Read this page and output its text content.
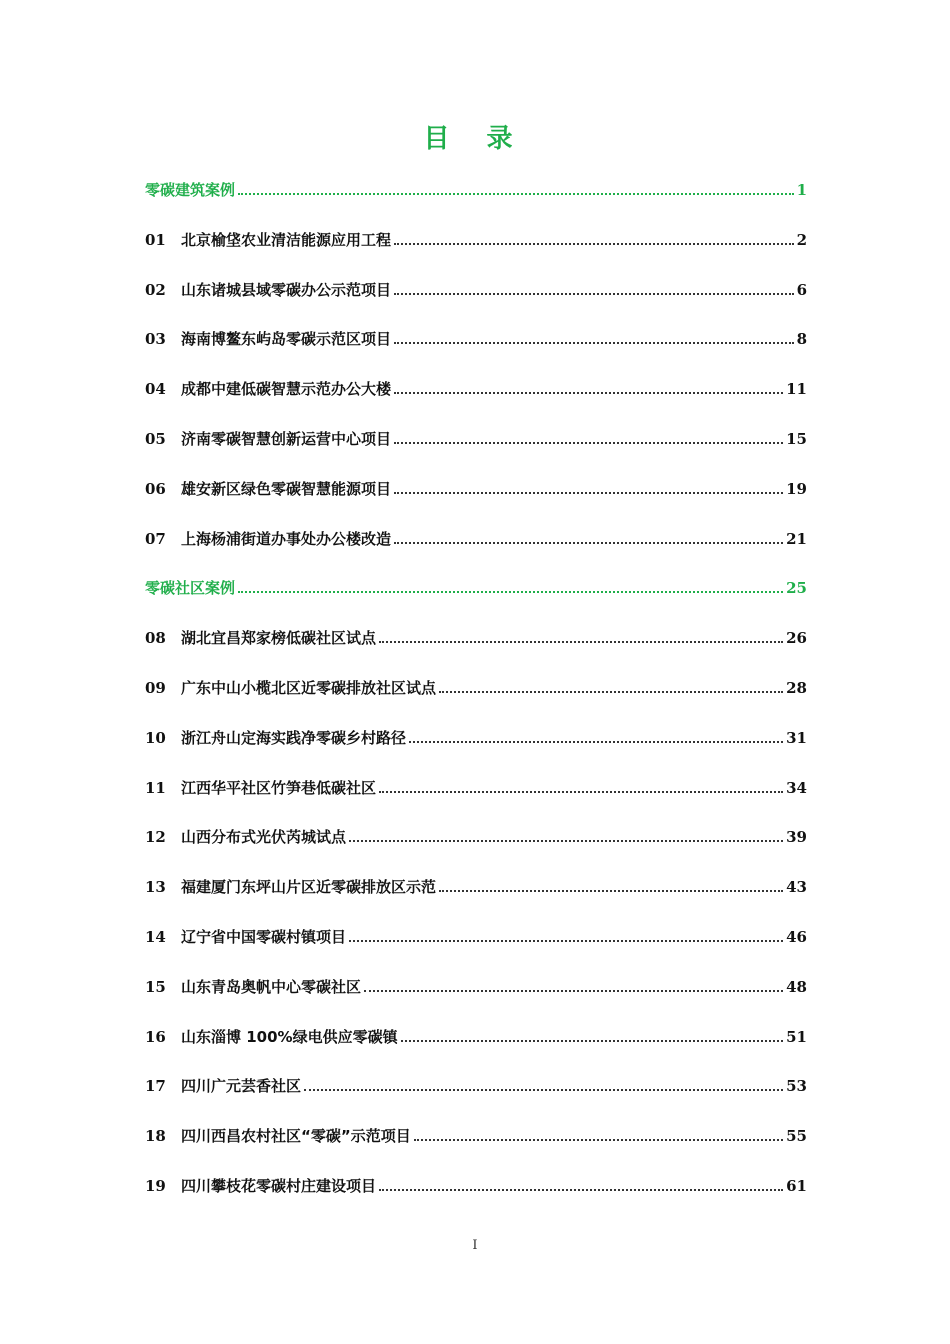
目 录
零碳建筑案例	1
01	北京榆垡农业清洁能源应用工程	2
02	山东诸城县域零碳办公示范项目	6
03	海南博鳌东屿岛零碳示范区项目	8
04	成都中建低碳智慧示范办公大楼	11
05	济南零碳智慧创新运营中心项目	15
06	雄安新区绿色零碳智慧能源项目	19
07	上海杨浦街道办事处办公楼改造	21
零碳社区案例	25
08	湖北宜昌郑家榜低碳社区试点	26
09	广东中山小榄北区近零碳排放社区试点	28
10	浙江舟山定海实践净零碳乡村路径	31
11	江西华平社区竹笋巷低碳社区	34
12	山西分布式光伏芮城试点	39
13	福建厦门东坪山片区近零碳排放区示范	43
14	辽宁省中国零碳村镇项目	46
15	山东青岛奥帆中心零碳社区	48
16	山东淄博 100%绿电供应零碳镇	51
17	四川广元芸香社区	53
18	四川西昌农村社区“零碳”示范项目	55
19	四川攀枝花零碳村庄建设项目	61
I
